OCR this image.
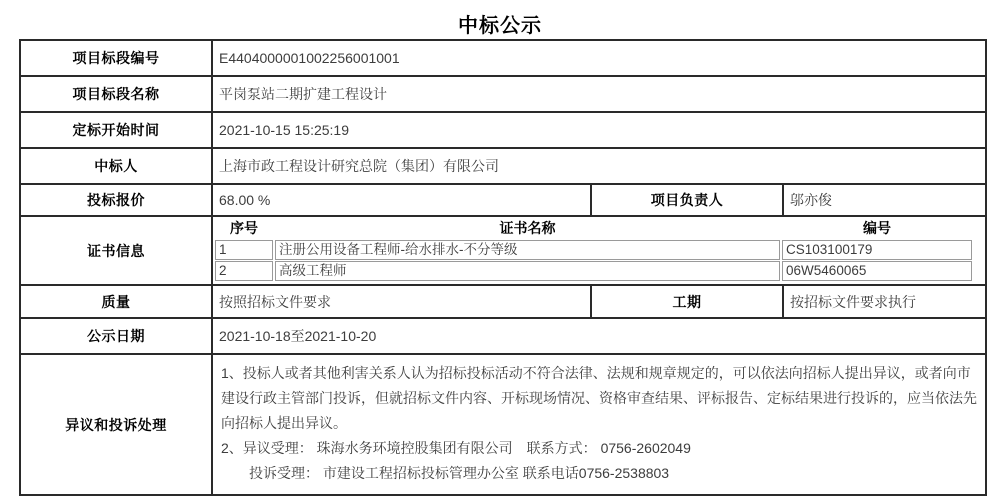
中标公示
项目标段编号	E4404000001002256001001		
项目标段名称	平岗泵站二期扩建工程设计		
定标开始时间	2021-10-15 15:25:19		
中标人	上海市政工程设计研究总院（集团）有限公司		
投标报价	68.00 %	项目负责人	邬亦俊
证书信息	
序号	证书名称	编号
1	注册公用设备工程师-给水排水-不分等级	CS103100179
2	高级工程师	06W5460065

质量	按照招标文件要求	工期	按招标文件要求执行
公示日期	2021-10-18至2021-10-20		
异议和投诉处理	1、投标人或者其他利害关系人认为招标投标活动不符合法律、法规和规章规定的，可以依法向招标人提出异议，或者向市建设行政主管部门投诉，但就招标文件内容、开标现场情况、资格审查结果、评标报告、定标结果进行投诉的，应当依法先向招标人提出异议。

2、异议受理： 珠海水务环境控股集团有限公司　联系方式： 0756-2602049

　　投诉受理： 市建设工程招标投标管理办公室 联系电话0756-2538803		
